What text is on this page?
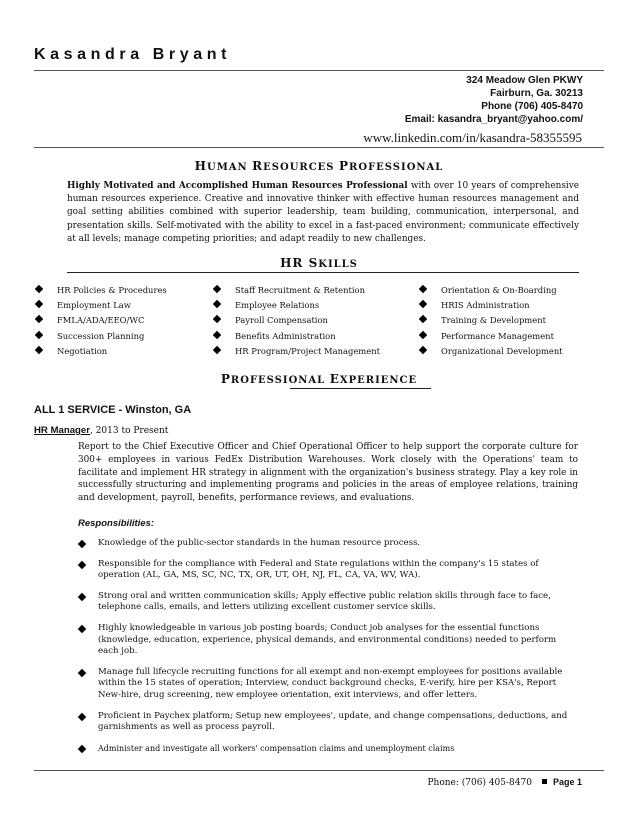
Kasandra Bryant
324 Meadow Glen PKWY
Fairburn, Ga. 30213
Phone (706) 405-8470
Email: kasandra_bryant@yahoo.com/
www.linkedin.com/in/kasandra-58355595
HUMAN RESOURCES PROFESSIONAL
Highly Motivated and Accomplished Human Resources Professional with over 10 years of comprehensive human resources experience. Creative and innovative thinker with effective human resources management and goal setting abilities combined with superior leadership, team building, communication, interpersonal, and presentation skills. Self-motivated with the ability to excel in a fast-paced environment; communicate effectively at all levels; manage competing priorities; and adapt readily to new challenges.
HR SKILLS
HR Policies & Procedures
Employment Law
FMLA/ADA/EEO/WC
Succession Planning
Negotiation
Staff Recruitment & Retention
Employee Relations
Payroll Compensation
Benefits Administration
HR Program/Project Management
Orientation & On-Boarding
HRIS Administration
Training & Development
Performance Management
Organizational Development
PROFESSIONAL EXPERIENCE
ALL 1 SERVICE - Winston, GA
HR Manager, 2013 to Present
Report to the Chief Executive Officer and Chief Operational Officer to help support the corporate culture for 300+ employees in various FedEx Distribution Warehouses. Work closely with the Operations' team to facilitate and implement HR strategy in alignment with the organization's business strategy. Play a key role in successfully structuring and implementing programs and policies in the areas of employee relations, training and development, payroll, benefits, performance reviews, and evaluations.
Responsibilities:
Knowledge of the public-sector standards in the human resource process.
Responsible for the compliance with Federal and State regulations within the company's 15 states of operation (AL, GA, MS, SC, NC, TX, OR, UT, OH, NJ, FL, CA, VA, WV, WA).
Strong oral and written communication skills; Apply effective public relation skills through face to face, telephone calls, emails, and letters utilizing excellent customer service skills.
Highly knowledgeable in various job posting boards; Conduct job analyses for the essential functions (knowledge, education, experience, physical demands, and environmental conditions) needed to perform each job.
Manage full lifecycle recruiting functions for all exempt and non-exempt employees for positions available within the 15 states of operation; Interview, conduct background checks, E-verify, hire per KSA's, Report New-hire, drug screening, new employee orientation, exit interviews, and offer letters.
Proficient in Paychex platform; Setup new employees', update, and change compensations, deductions, and garnishments as well as process payroll.
Administer and investigate all workers' compensation claims and unemployment claims
Phone: (706) 405-8470 Page 1
